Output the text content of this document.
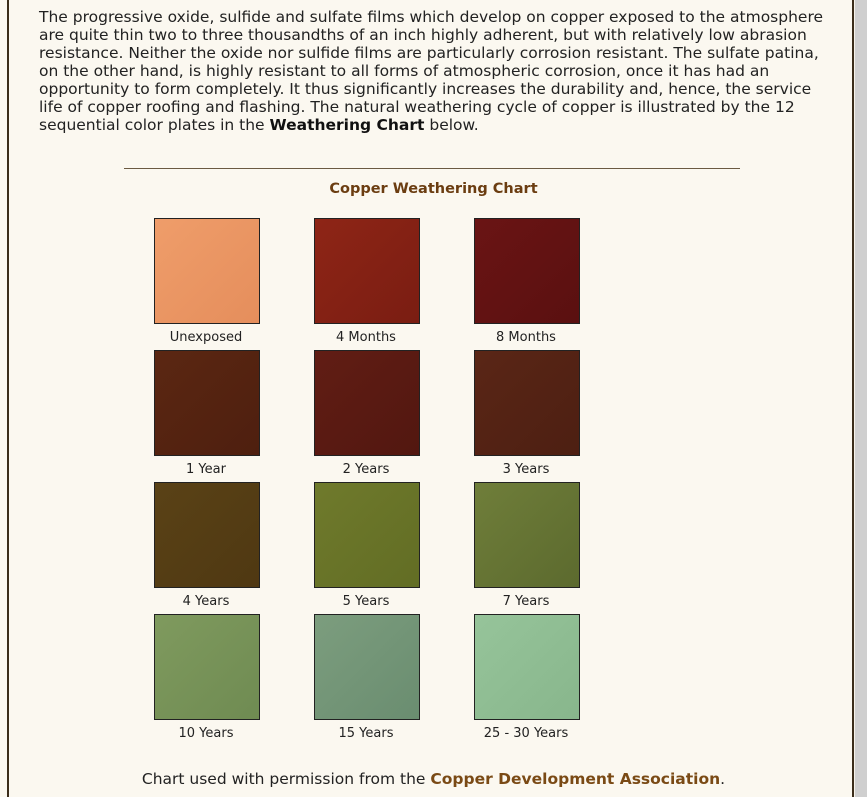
The progressive oxide, sulfide and sulfate films which develop on copper exposed to the atmosphere are quite thin two to three thousandths of an inch highly adherent, but with relatively low abrasion resistance. Neither the oxide nor sulfide films are particularly corrosion resistant. The sulfate patina, on the other hand, is highly resistant to all forms of atmospheric corrosion, once it has had an opportunity to form completely. It thus significantly increases the durability and, hence, the service life of copper roofing and flashing. The natural weathering cycle of copper is illustrated by the 12 sequential color plates in the Weathering Chart below.

Copper Weathering Chart
Unexposed	4 Months	8 Months
1 Year	2 Years	3 Years
4 Years	5 Years	7 Years
10 Years	15 Years	25 - 30 Years
Chart used with permission from the Copper Development Association.
